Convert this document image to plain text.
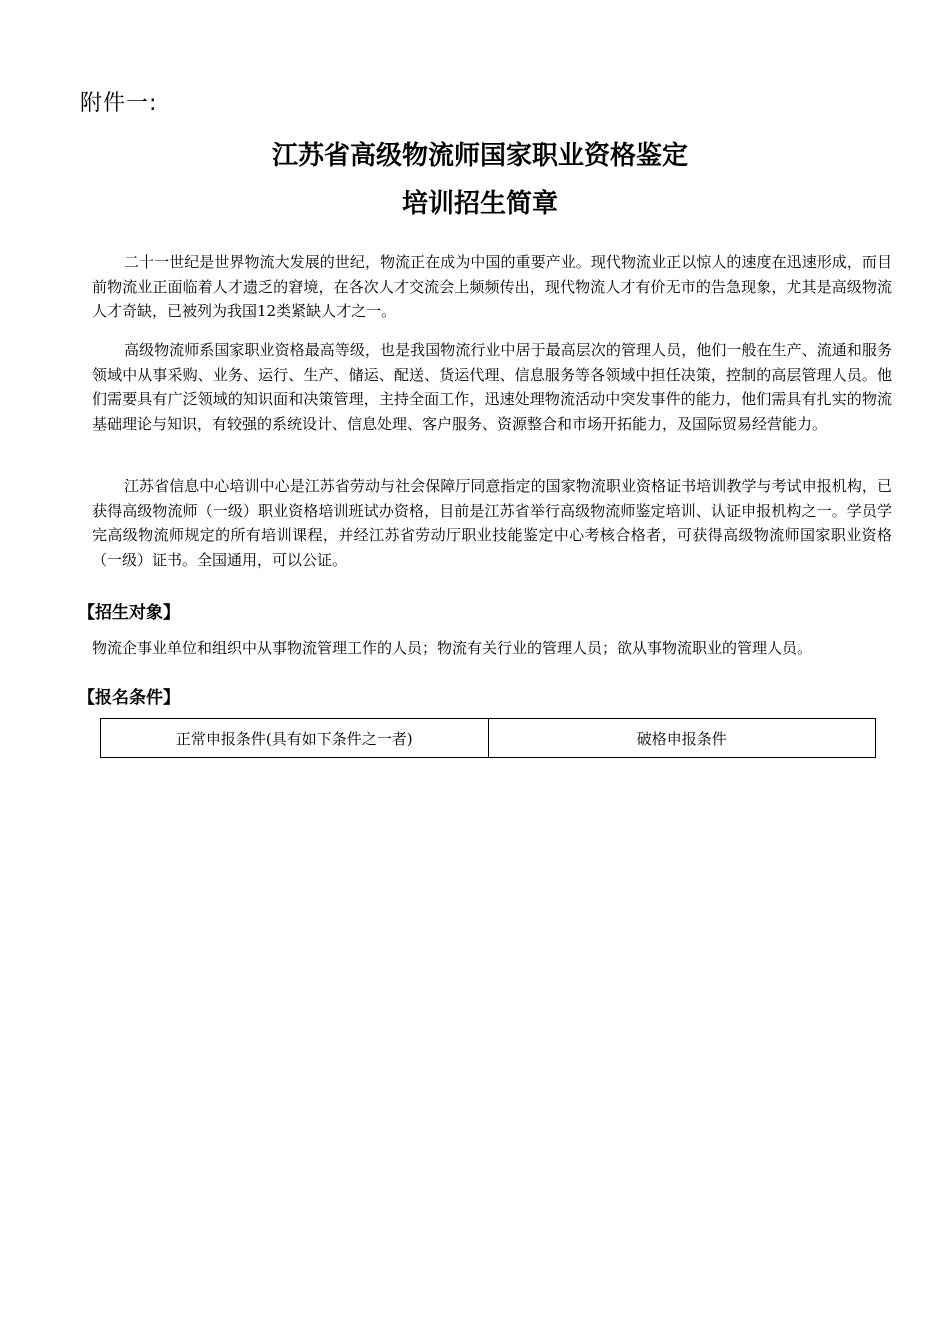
附件一:
江苏省高级物流师国家职业资格鉴定
培训招生简章

二十一世纪是世界物流大发展的世纪，物流正在成为中国的重要产业。现代物流业正以惊人的速度在迅速形成，而目前物流业正面临着人才遗乏的窘境，在各次人才交流会上频频传出，现代物流人才有价无市的告急现象，尤其是高级物流人才奇缺，已被列为我国12类紧缺人才之一。

高级物流师系国家职业资格最高等级，也是我国物流行业中居于最高层次的管理人员，他们一般在生产、流通和服务领域中从事采购、业务、运行、生产、储运、配送、货运代理、信息服务等各领域中担任决策，控制的高层管理人员。他们需要具有广泛领域的知识面和决策管理，主持全面工作，迅速处理物流活动中突发事件的能力，他们需具有扎实的物流基础理论与知识，有较强的系统设计、信息处理、客户服务、资源整合和市场开拓能力，及国际贸易经营能力。

江苏省信息中心培训中心是江苏省劳动与社会保障厅同意指定的国家物流职业资格证书培训教学与考试申报机构，已获得高级物流师（一级）职业资格培训班试办资格，目前是江苏省举行高级物流师鉴定培训、认证申报机构之一。学员学完高级物流师规定的所有培训课程，并经江苏省劳动厅职业技能鉴定中心考核合格者，可获得高级物流师国家职业资格（一级）证书。全国通用，可以公证。

【招生对象】

物流企事业单位和组织中从事物流管理工作的人员；物流有关行业的管理人员；欲从事物流职业的管理人员。

【报名条件】
正常申报条件(具有如下条件之一者)	破格申报条件
